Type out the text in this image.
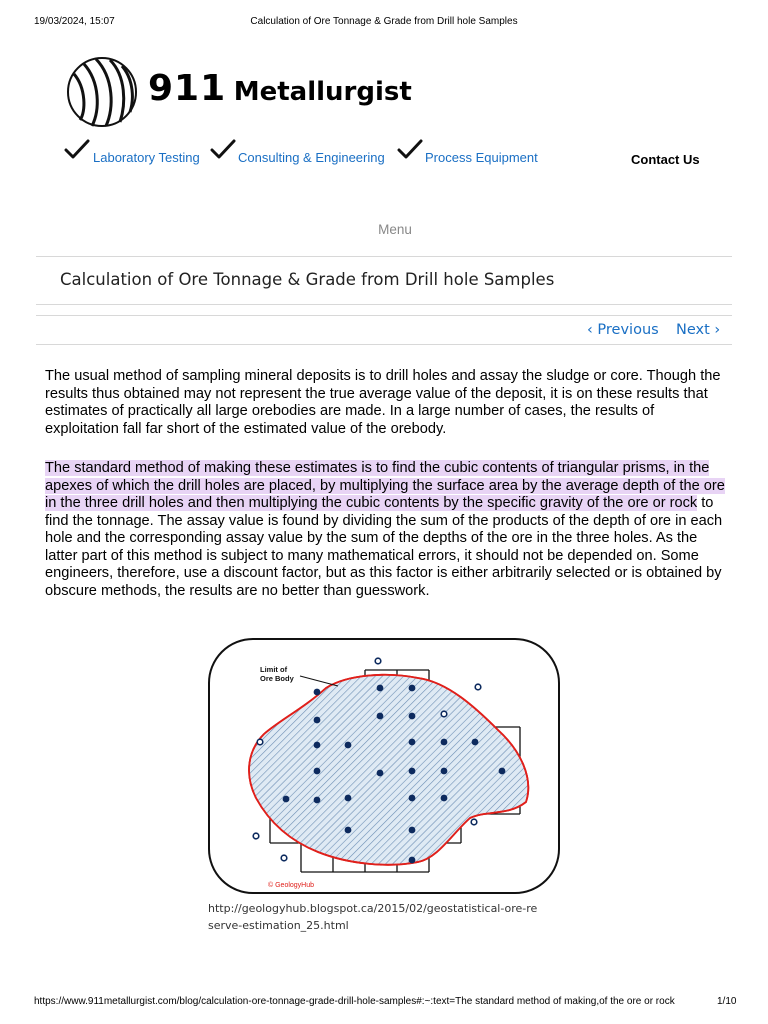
19/03/2024, 15:07	Calculation of Ore Tonnage & Grade from Drill hole Samples
911 Metallurgist
Laboratory Testing	Consulting & Engineering	Process Equipment	Contact Us
Menu
Calculation of Ore Tonnage & Grade from Drill hole Samples
‹ Previous Next ›

The usual method of sampling mineral deposits is to drill holes and assay the sludge or core. Though the results thus obtained may not represent the true average value of the deposit, it is on these results that estimates of practically all large orebodies are made. In a large number of cases, the results of exploitation fall far short of the estimated value of the orebody.

The standard method of making these estimates is to find the cubic contents of triangular prisms, in the apexes of which the drill holes are placed, by multiplying the surface area by the average depth of the ore in the three drill holes and then multiplying the cubic contents by the specific gravity of the ore or rock to find the tonnage. The assay value is found by dividing the sum of the products of the depth of ore in each hole and the corresponding assay value by the sum of the depths of the ore in the three holes. As the latter part of this method is subject to many mathematical errors, it should not be depended on. Some engineers, therefore, use a discount factor, but as this factor is either arbitrarily selected or is obtained by obscure methods, the results are no better than guesswork.

Limit of
Ore Body
© GeologyHub
http://geologyhub.blogspot.ca/2015/02/geostatistical-ore-reserve-estimation_25.html
https://www.911metallurgist.com/blog/calculation-ore-tonnage-grade-drill-hole-samples#:~:text=The standard method of making,of the ore or rock	1/10
